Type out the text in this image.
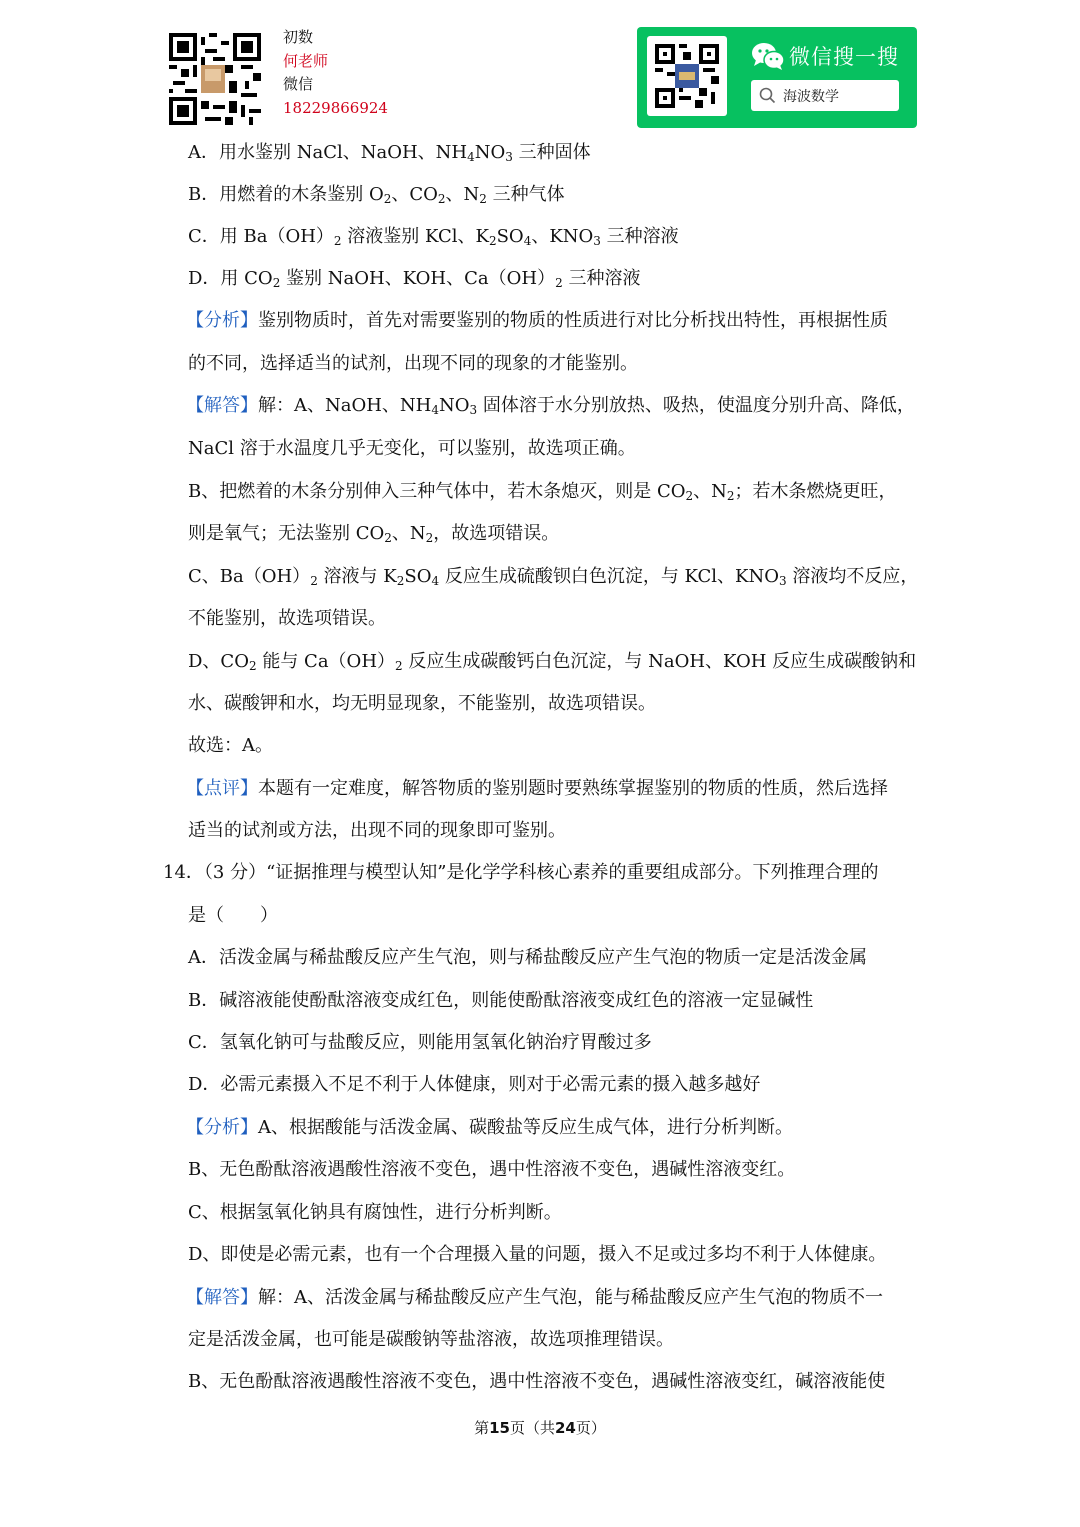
初数
何老师
微信
18229866924
微信搜一搜
海波数学
A．用水鉴别 NaCl、NaOH、$NH_4NO_3$ 三种固体
B．用燃着的木条鉴别 $O_2$、$CO_2$、$N_2$ 三种气体
C．用 $Ba(OH)_2$ 溶液鉴别 KCl、$K_2SO_4$、$KNO_3$ 三种溶液
D．用 $CO_2$ 鉴别 NaOH、KOH、$Ca(OH)_2$ 三种溶液
【分析】鉴别物质时，首先对需要鉴别的物质的性质进行对比分析找出特性，再根据性质
的不同，选择适当的试剂，出现不同的现象的才能鉴别。
【解答】解：A、NaOH、$NH_4NO_3$ 固体溶于水分别放热、吸热，使温度分别升高、降低，
NaCl 溶于水温度几乎无变化，可以鉴别，故选项正确。
B、把燃着的木条分别伸入三种气体中，若木条熄灭，则是 $CO_2$、$N_2$；若木条燃烧更旺，
则是氧气；无法鉴别 $CO_2$、$N_2$，故选项错误。
C、$Ba(OH)_2$ 溶液与 $K_2SO_4$ 反应生成硫酸钡白色沉淀，与 KCl、$KNO_3$ 溶液均不反应，
不能鉴别，故选项错误。
D、$CO_2$ 能与 $Ca(OH)_2$ 反应生成碳酸钙白色沉淀，与 NaOH、KOH 反应生成碳酸钠和
水、碳酸钾和水，均无明显现象，不能鉴别，故选项错误。
故选：A。
【点评】本题有一定难度，解答物质的鉴别题时要熟练掌握鉴别的物质的性质，然后选择
适当的试剂或方法，出现不同的现象即可鉴别。
14．（3 分）“证据推理与模型认知”是化学学科核心素养的重要组成部分。下列推理合理的
是（　　）
A．活泼金属与稀盐酸反应产生气泡，则与稀盐酸反应产生气泡的物质一定是活泼金属
B．碱溶液能使酚酞溶液变成红色，则能使酚酞溶液变成红色的溶液一定显碱性
C．氢氧化钠可与盐酸反应，则能用氢氧化钠治疗胃酸过多
D．必需元素摄入不足不利于人体健康，则对于必需元素的摄入越多越好
【分析】A、根据酸能与活泼金属、碳酸盐等反应生成气体，进行分析判断。
B、无色酚酞溶液遇酸性溶液不变色，遇中性溶液不变色，遇碱性溶液变红。
C、根据氢氧化钠具有腐蚀性，进行分析判断。
D、即使是必需元素，也有一个合理摄入量的问题，摄入不足或过多均不利于人体健康。
【解答】解：A、活泼金属与稀盐酸反应产生气泡，能与稀盐酸反应产生气泡的物质不一
定是活泼金属，也可能是碳酸钠等盐溶液，故选项推理错误。
B、无色酚酞溶液遇酸性溶液不变色，遇中性溶液不变色，遇碱性溶液变红，碱溶液能使
第15页（共24页）
